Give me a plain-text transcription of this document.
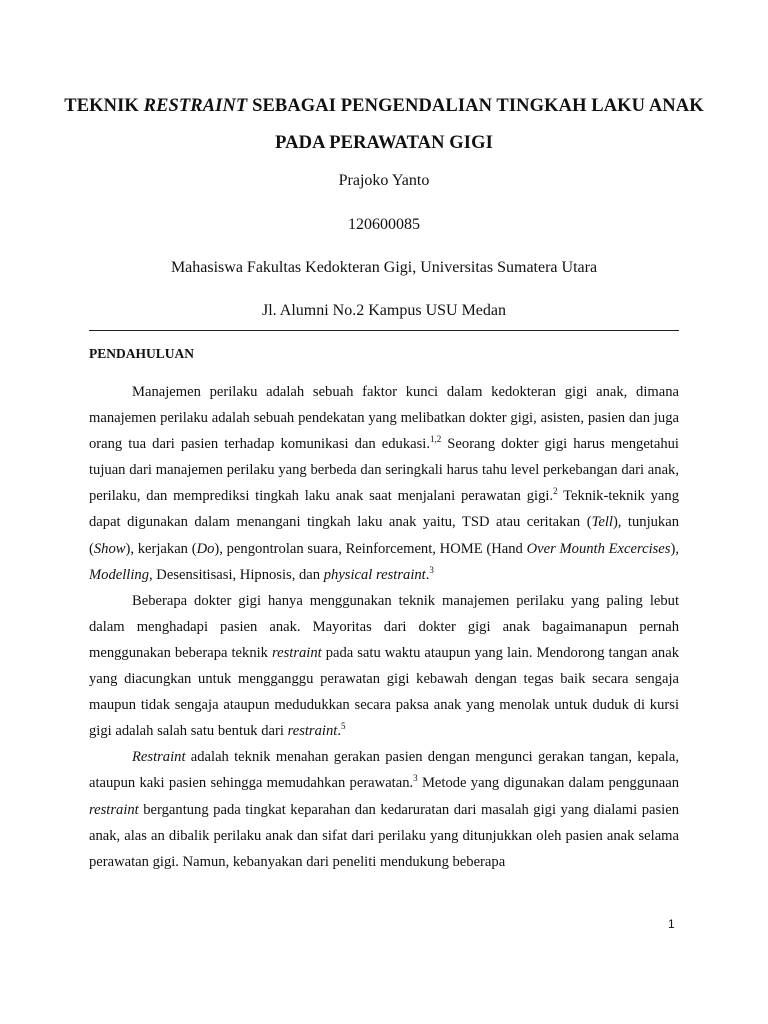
TEKNIK RESTRAINT SEBAGAI PENGENDALIAN TINGKAH LAKU ANAK PADA PERAWATAN GIGI
Prajoko Yanto
120600085
Mahasiswa Fakultas Kedokteran Gigi, Universitas Sumatera Utara
Jl. Alumni No.2 Kampus USU Medan
PENDAHULUAN

Manajemen perilaku adalah sebuah faktor kunci dalam kedokteran gigi anak, dimana manajemen perilaku adalah sebuah pendekatan yang melibatkan dokter gigi, asisten, pasien dan juga orang tua dari pasien terhadap komunikasi dan edukasi.$^{1,2}$ Seorang dokter gigi harus mengetahui tujuan dari manajemen perilaku yang berbeda dan seringkali harus tahu level perkebangan dari anak, perilaku, dan memprediksi tingkah laku anak saat menjalani perawatan gigi.$^2$ Teknik-teknik yang dapat digunakan dalam menangani tingkah laku anak yaitu, TSD atau ceritakan (Tell), tunjukan (Show), kerjakan (Do), pengontrolan suara, Reinforcement, HOME (Hand Over Mounth Excercises), Modelling, Desensitisasi, Hipnosis, dan physical restraint.$^3$

Beberapa dokter gigi hanya menggunakan teknik manajemen perilaku yang paling lebut dalam menghadapi pasien anak. Mayoritas dari dokter gigi anak bagaimanapun pernah menggunakan beberapa teknik restraint pada satu waktu ataupun yang lain. Mendorong tangan anak yang diacungkan untuk mengganggu perawatan gigi kebawah dengan tegas baik secara sengaja maupun tidak sengaja ataupun medudukkan secara paksa anak yang menolak untuk duduk di kursi gigi adalah salah satu bentuk dari restraint.$^5$

Restraint adalah teknik menahan gerakan pasien dengan mengunci gerakan tangan, kepala, ataupun kaki pasien sehingga memudahkan perawatan.$^3$ Metode yang digunakan dalam penggunaan restraint bergantung pada tingkat keparahan dan kedaruratan dari masalah gigi yang dialami pasien anak, alas an dibalik perilaku anak dan sifat dari perilaku yang ditunjukkan oleh pasien anak selama perawatan gigi. Namun, kebanyakan dari peneliti mendukung beberapa

1
